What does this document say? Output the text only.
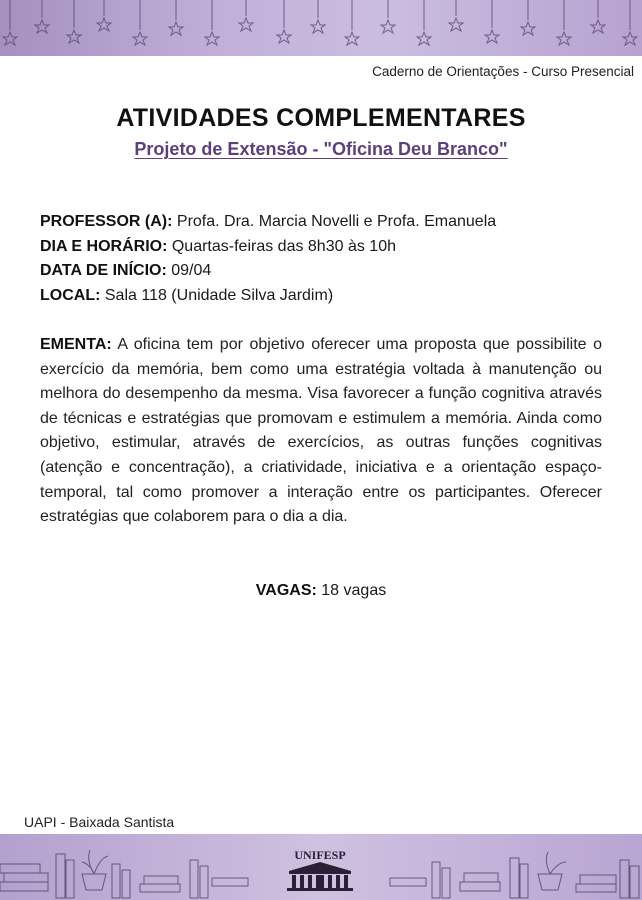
Caderno de Orientações - Curso Presencial
ATIVIDADES COMPLEMENTARES
Projeto de Extensão - "Oficina Deu Branco"
PROFESSOR (A): Profa. Dra. Marcia Novelli e Profa. Emanuela
DIA E HORÁRIO: Quartas-feiras das 8h30 às 10h
DATA DE INÍCIO: 09/04
LOCAL: Sala 118 (Unidade Silva Jardim)
EMENTA: A oficina tem por objetivo oferecer uma proposta que possibilite o exercício da memória, bem como uma estratégia voltada à manutenção ou melhora do desempenho da mesma. Visa favorecer a função cognitiva através de técnicas e estratégias que promovam e estimulem a memória. Ainda como objetivo, estimular, através de exercícios, as outras funções cognitivas (atenção e concentração), a criatividade, iniciativa e a orientação espaço-temporal, tal como promover a interação entre os participantes. Oferecer estratégias que colaborem para o dia a dia.
VAGAS: 18 vagas
UAPI - Baixada Santista
UNIFESP
